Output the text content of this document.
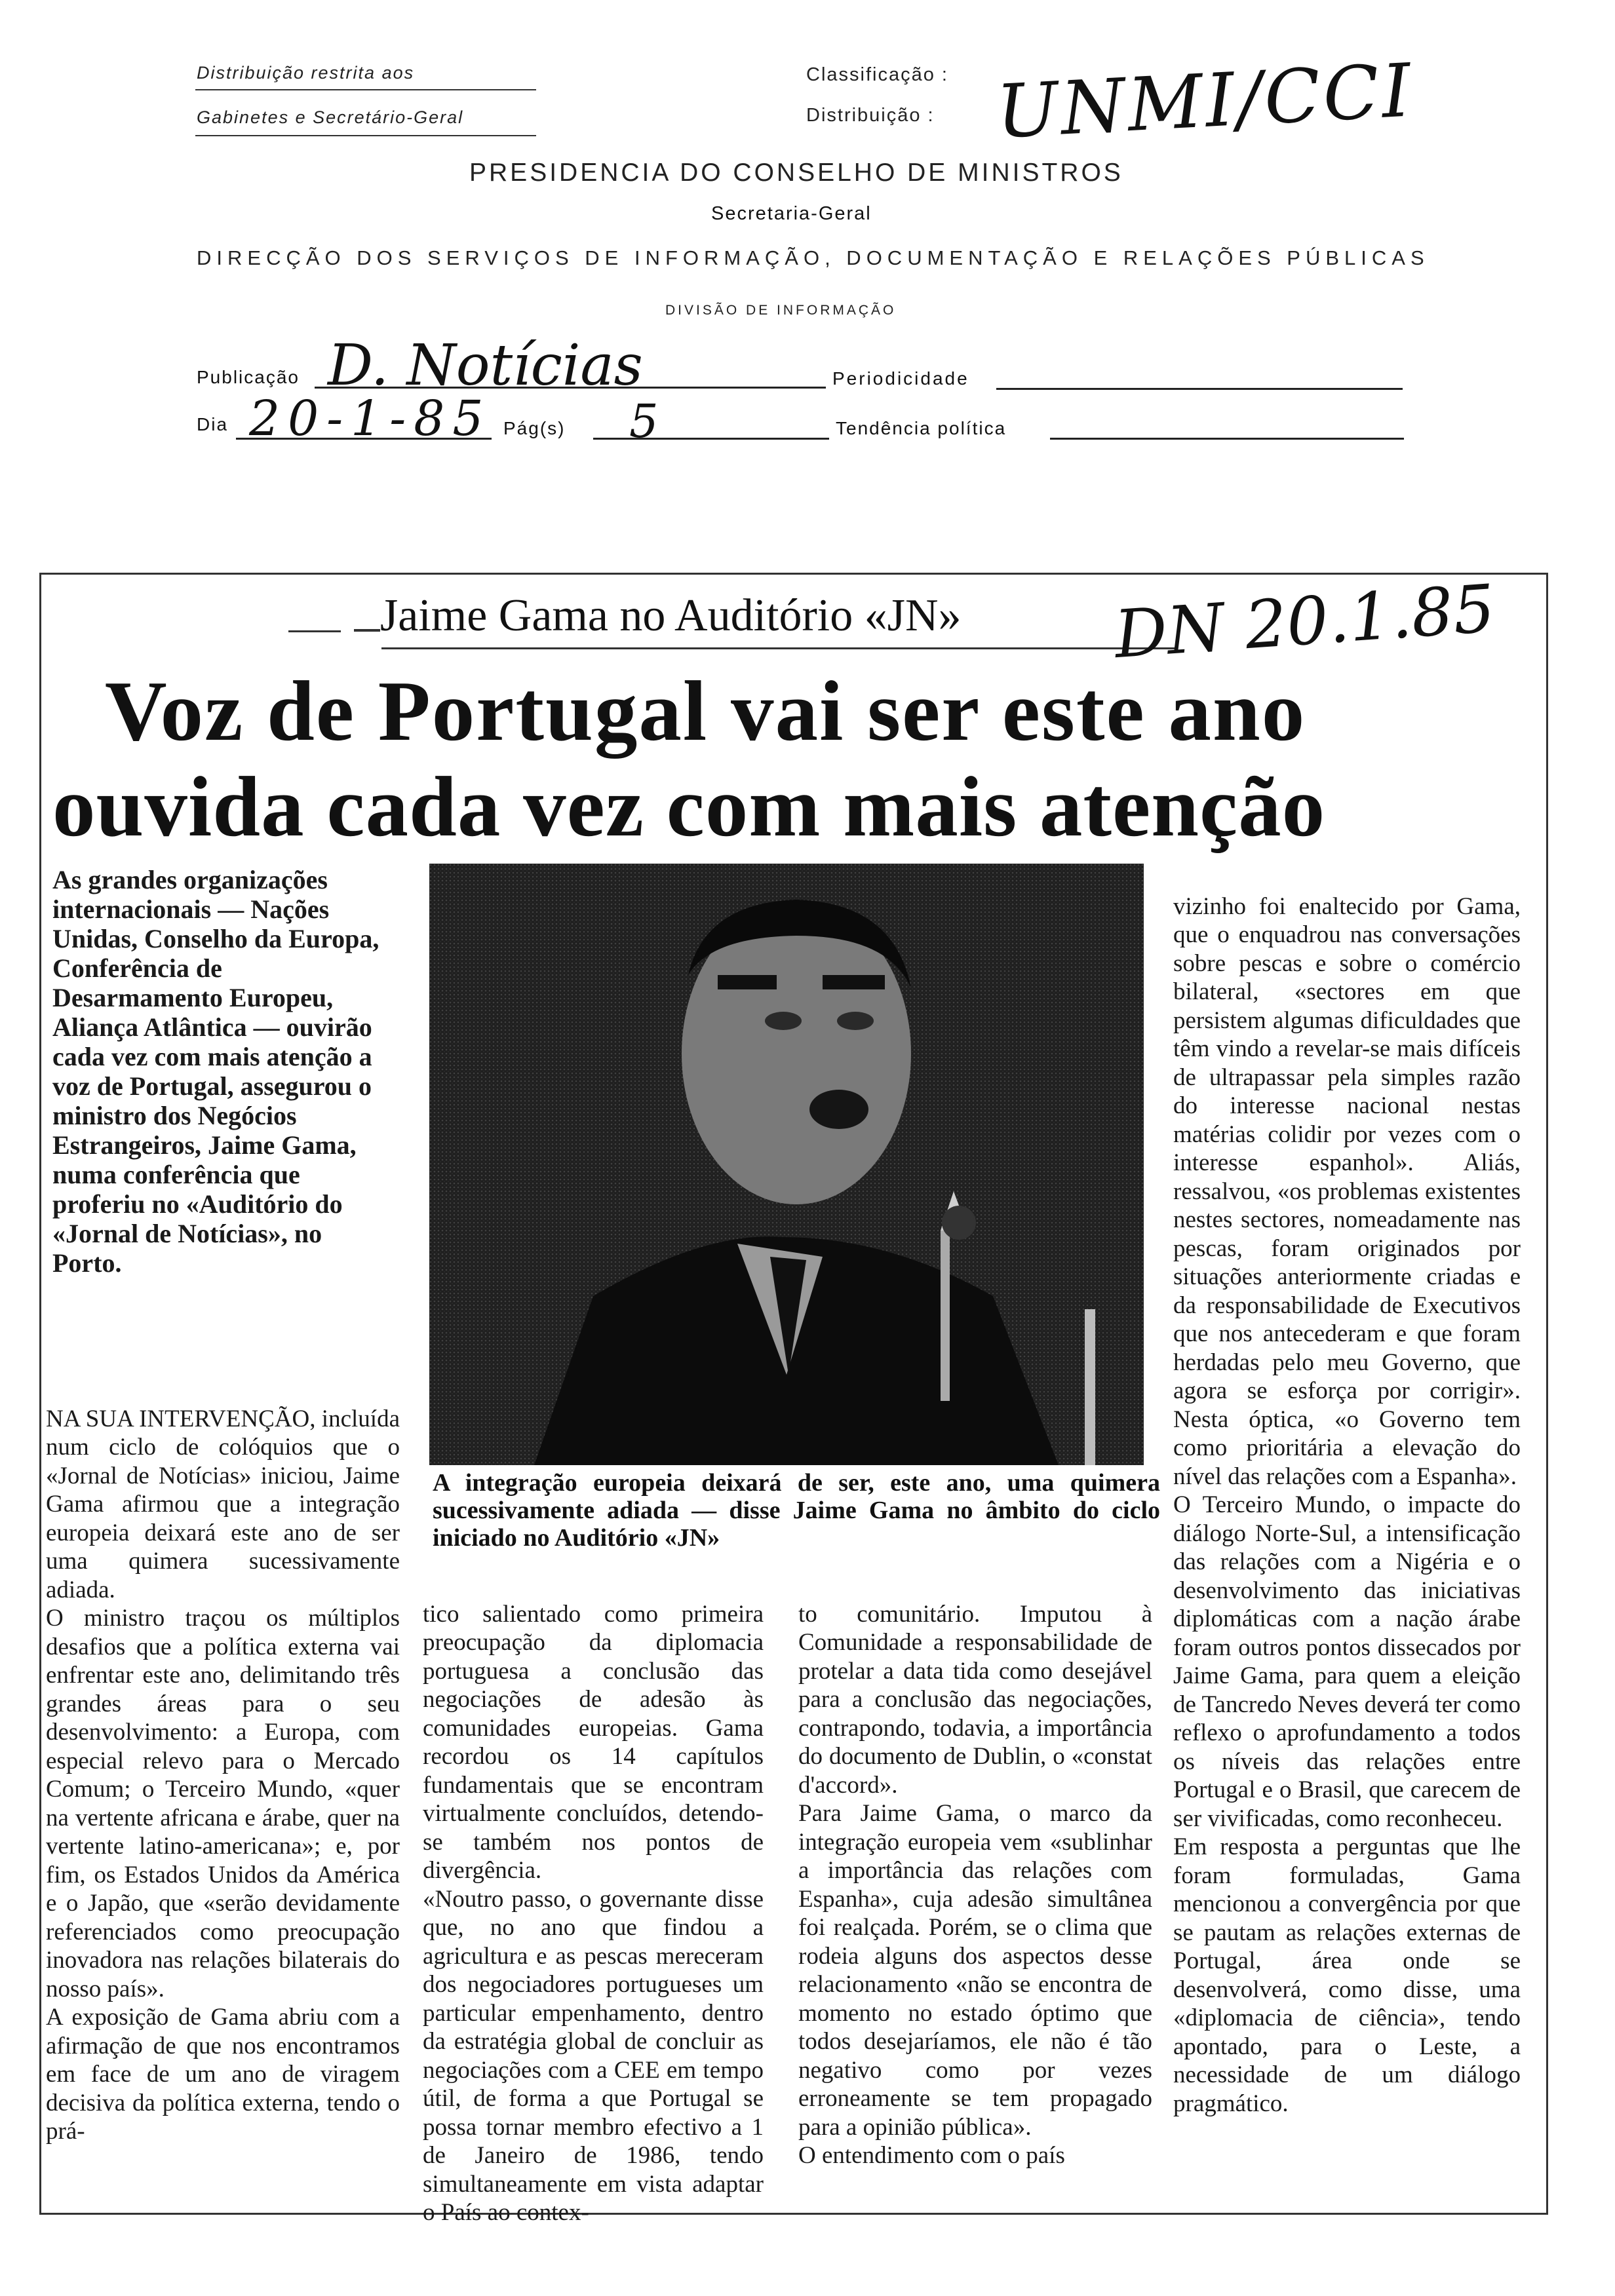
Distribuição restrita aos
Gabinetes e Secretário-Geral
Classificação :
Distribuição : UNMI/CCI
PRESIDENCIA DO CONSELHO DE MINISTROS
Secretaria-Geral
DIRECÇÃO DOS SERVIÇOS DE INFORMAÇÃO, DOCUMENTAÇÃO E RELAÇÕES PÚBLICAS
DIVISÃO DE INFORMAÇÃO
Publicação D. Notícias	Periodicidade
Dia 20-1-85 Pág(s) 5	Tendência política
Jaime Gama no Auditório «JN» DN 20.1.85
Voz de Portugal vai ser este ano
ouvida cada vez com mais atenção

As grandes organizações internacionais — Nações Unidas, Conselho da Europa, Conferência de Desarmamento Europeu, Aliança Atlântica — ouvirão cada vez com mais atenção a voz de Portugal, assegurou o ministro dos Negócios Estrangeiros, Jaime Gama, numa conferência que proferiu no «Auditório do «Jornal de Notícias», no Porto.

NA SUA INTERVENÇÃO, incluída num ciclo de colóquios que o «Jornal de Notícias» iniciou, Jaime Gama afirmou que a integração europeia deixará este ano de ser uma quimera sucessivamente adiada.
O ministro traçou os múltiplos desafios que a política externa vai enfrentar este ano, delimitando três grandes áreas para o seu desenvolvimento: a Europa, com especial relevo para o Mercado Comum; o Terceiro Mundo, «quer na vertente africana e árabe, quer na vertente latino-americana»; e, por fim, os Estados Unidos da América e o Japão, que «serão devidamente referenciados como preocupação inovadora nas relações bilaterais do nosso país».
A exposição de Gama abriu com a afirmação de que nos encontramos em face de um ano de viragem decisiva da política externa, tendo o prá-

A integração europeia deixará de ser, este ano, uma quimera sucessivamente adiada — disse Jaime Gama no âmbito do ciclo iniciado no Auditório «JN»

tico salientado como primeira preocupação da diplomacia portuguesa a conclusão das negociações de adesão às comunidades europeias. Gama recordou os 14 capítulos fundamentais que se encontram virtualmente concluídos, detendo-se também nos pontos de divergência.
«Noutro passo, o governante disse que, no ano que findou a agricultura e as pescas mereceram dos negociadores portugueses um particular empenhamento, dentro da estratégia global de concluir as negociações com a CEE em tempo útil, de forma a que Portugal se possa tornar membro efectivo a 1 de Janeiro de 1986, tendo simultaneamente em vista adaptar o País ao contex-

to comunitário. Imputou à Comunidade a responsabilidade de protelar a data tida como desejável para a conclusão das negociações, contrapondo, todavia, a importância do documento de Dublin, o «constat d'accord».
Para Jaime Gama, o marco da integração europeia vem «sublinhar a importância das relações com Espanha», cuja adesão simultânea foi realçada. Porém, se o clima que rodeia alguns dos aspectos desse relacionamento «não se encontra de momento no estado óptimo que todos desejaríamos, ele não é tão negativo como por vezes erroneamente se tem propagado para a opinião pública».
O entendimento com o país

vizinho foi enaltecido por Gama, que o enquadrou nas conversações sobre pescas e sobre o comércio bilateral, «sectores em que persistem algumas dificuldades que têm vindo a revelar-se mais difíceis de ultrapassar pela simples razão do interesse nacional nestas matérias colidir por vezes com o interesse espanhol». Aliás, ressalvou, «os problemas existentes nestes sectores, nomeadamente nas pescas, foram originados por situações anteriormente criadas e da responsabilidade de Executivos que nos antecederam e que foram herdadas pelo meu Governo, que agora se esforça por corrigir». Nesta óptica, «o Governo tem como prioritária a elevação do nível das relações com a Espanha».
O Terceiro Mundo, o impacte do diálogo Norte-Sul, a intensificação das relações com a Nigéria e o desenvolvimento das iniciativas diplomáticas com a nação árabe foram outros pontos dissecados por Jaime Gama, para quem a eleição de Tancredo Neves deverá ter como reflexo o aprofundamento a todos os níveis das relações entre Portugal e o Brasil, que carecem de ser vivificadas, como reconheceu.
Em resposta a perguntas que lhe foram formuladas, Gama mencionou a convergência por que se pautam as relações externas de Portugal, área onde se desenvolverá, como disse, uma «diplomacia de ciência», tendo apontado, para o Leste, a necessidade de um diálogo pragmático.
